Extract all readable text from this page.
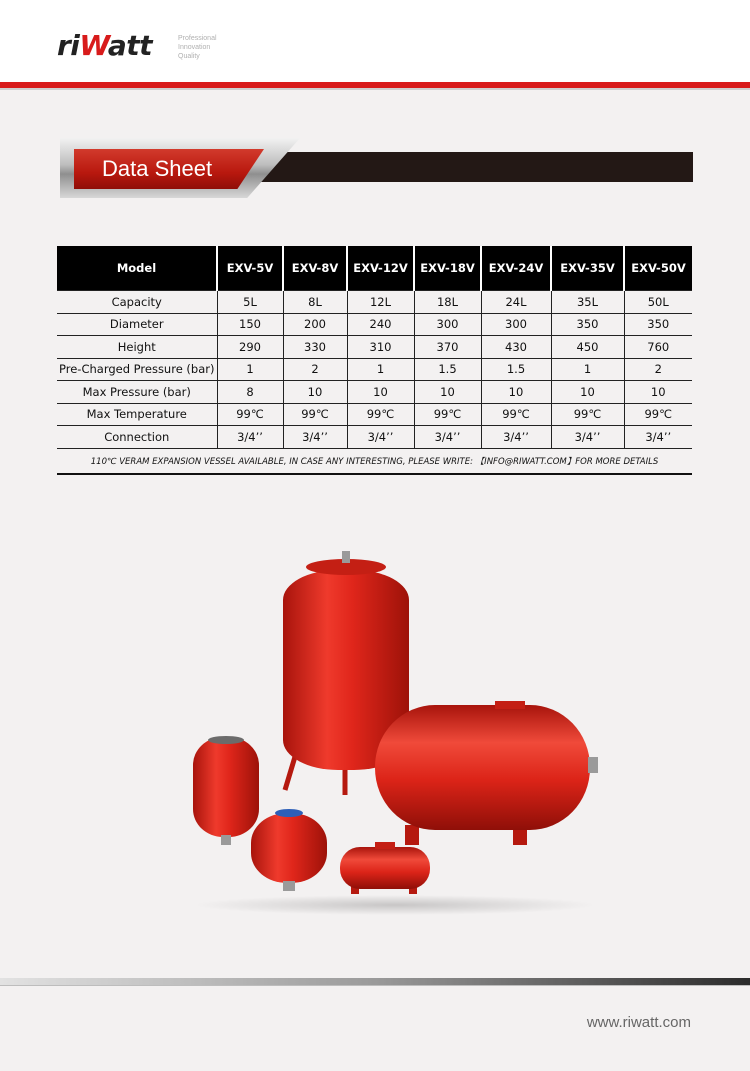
riWatt	Professional
Innovation
Quality
Data Sheet
Model	EXV-5V	EXV-8V	EXV-12V	EXV-18V	EXV-24V	EXV-35V	EXV-50V
Capacity	5L	8L	12L	18L	24L	35L	50L
Diameter	150	200	240	300	300	350	350
Height	290	330	310	370	430	450	760
Pre-Charged Pressure (bar)	1	2	1	1.5	1.5	1	2
Max Pressure (bar)	8	10	10	10	10	10	10
Max Temperature	99℃	99℃	99℃	99℃	99℃	99℃	99℃
Connection	3/4’’	3/4’’	3/4’’	3/4’’	3/4’’	3/4’’	3/4’’
110℃ VERAM EXPANSION VESSEL AVAILABLE, IN CASE ANY INTERESTING, PLEASE WRITE: 【INFO@RIWATT.COM】FOR MORE DETAILS							
www.riwatt.com
